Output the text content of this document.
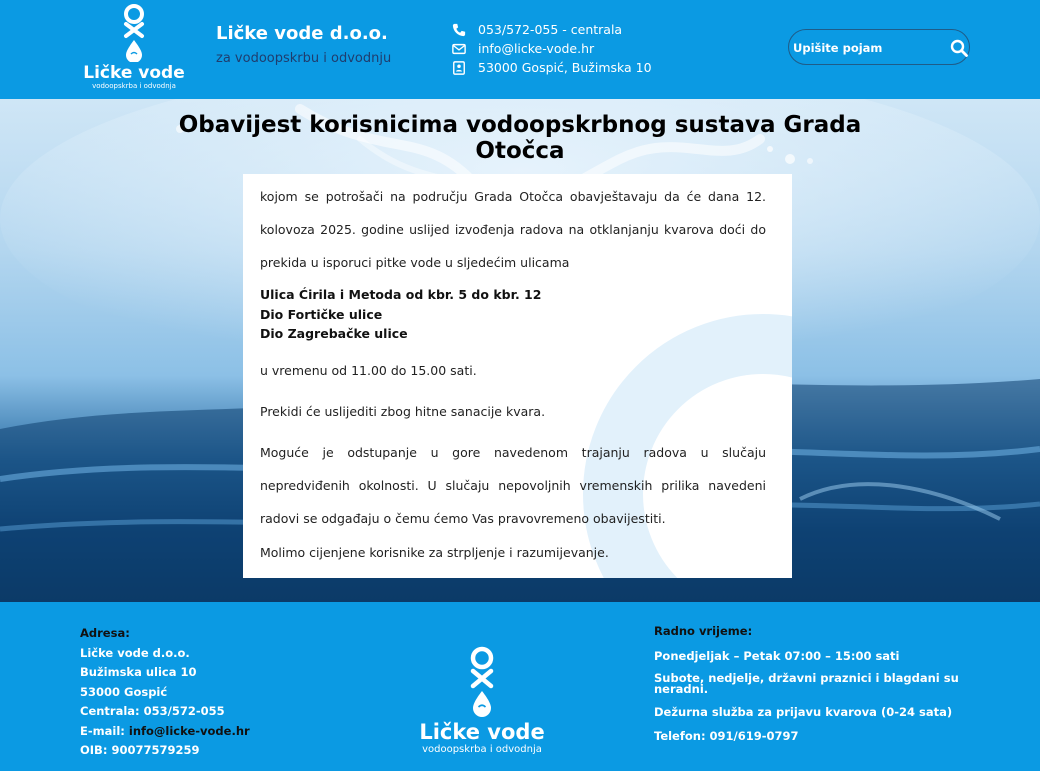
Ličke vode
vodoopskrba i odvodnja
Ličke vode d.o.o.
za vodoopskrbu i odvodnju
053/572-055 - centrala
info@licke-vode.hr
53000 Gospić, Bužimska 10
Upišite pojam
Obavijest korisnicima vodoopskrbnog sustava Grada Otočca

kojom se potrošači na području Grada Otočca obavještavaju da će dana 12. kolovoza 2025. godine uslijed izvođenja radova na otklanjanju kvarova doći do prekida u isporuci pitke vode u sljedećim ulicama

Ulica Ćirila i Metoda od kbr. 5 do kbr. 12
Dio Fortičke ulice
Dio Zagrebačke ulice

u vremenu od 11.00 do 15.00 sati.

Prekidi će uslijediti zbog hitne sanacije kvara.

Moguće je odstupanje u gore navedenom trajanju radova u slučaju nepredviđenih okolnosti. U slučaju nepovoljnih vremenskih prilika navedeni radovi se odgađaju o čemu ćemo Vas pravovremeno obavijestiti.

Molimo cijenjene korisnike za strpljenje i razumijevanje.

Adresa:
Ličke vode d.o.o.
Bužimska ulica 10
53000 Gospić
Centrala: 053/572-055
E-mail: info@licke-vode.hr
OIB: 90077579259
Ličke vode
vodoopskrba i odvodnja
Radno vrijeme:
Ponedjeljak – Petak 07:00 – 15:00 sati
Subote, nedjelje, državni praznici i blagdani su neradni.
Dežurna služba za prijavu kvarova (0-24 sata)
Telefon: 091/619-0797
